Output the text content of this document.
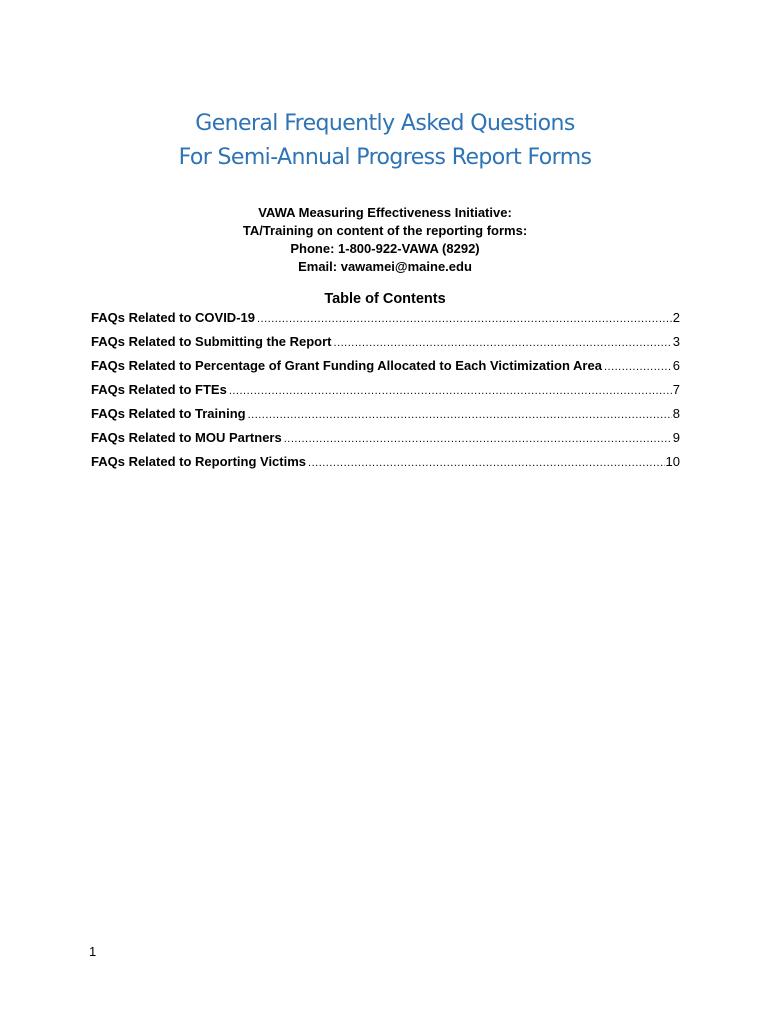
General Frequently Asked Questions
For Semi-Annual Progress Report Forms
VAWA Measuring Effectiveness Initiative:
TA/Training on content of the reporting forms:
Phone: 1-800-922-VAWA (8292)
Email: vawamei@maine.edu
Table of Contents
FAQs Related to COVID-19 .....	2
FAQs Related to Submitting the Report .....	3
FAQs Related to Percentage of Grant Funding Allocated to Each Victimization Area .....	6
FAQs Related to FTEs .....	7
FAQs Related to Training .....	8
FAQs Related to MOU Partners .....	9
FAQs Related to Reporting Victims .....	10
1
